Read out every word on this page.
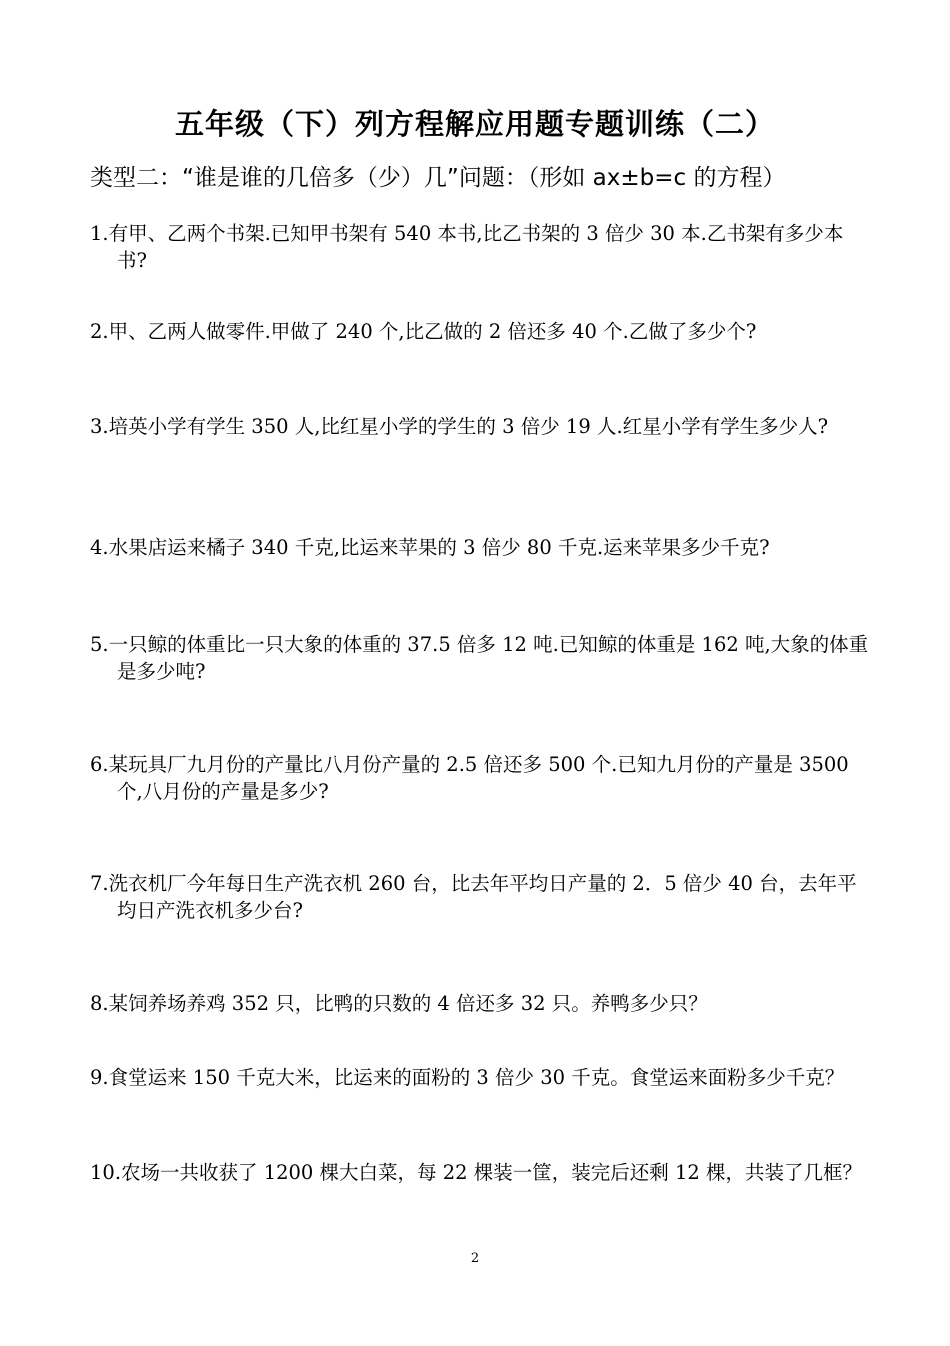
五年级（下）列方程解应用题专题训练（二）
类型二：“谁是谁的几倍多（少）几”问题：（形如 ax±b=c 的方程）
1.有甲、乙两个书架.已知甲书架有 540 本书,比乙书架的 3 倍少 30 本.乙书架有多少本书?
2.甲、乙两人做零件.甲做了 240 个,比乙做的 2 倍还多 40 个.乙做了多少个?
3.培英小学有学生 350 人,比红星小学的学生的 3 倍少 19 人.红星小学有学生多少人?
4.水果店运来橘子 340 千克,比运来苹果的 3 倍少 80 千克.运来苹果多少千克?
5.一只鲸的体重比一只大象的体重的 37.5 倍多 12 吨.已知鲸的体重是 162 吨,大象的体重是多少吨?
6.某玩具厂九月份的产量比八月份产量的 2.5 倍还多 500 个.已知九月份的产量是 3500 个,八月份的产量是多少?
7.洗衣机厂今年每日生产洗衣机 260 台，比去年平均日产量的 2．5 倍少 40 台，去年平均日产洗衣机多少台?
8.某饲养场养鸡 352 只，比鸭的只数的 4 倍还多 32 只。养鸭多少只？
9.食堂运来 150 千克大米，比运来的面粉的 3 倍少 30 千克。食堂运来面粉多少千克？
10.农场一共收获了 1200 棵大白菜，每 22 棵装一筐，装完后还剩 12 棵，共装了几框？
2
